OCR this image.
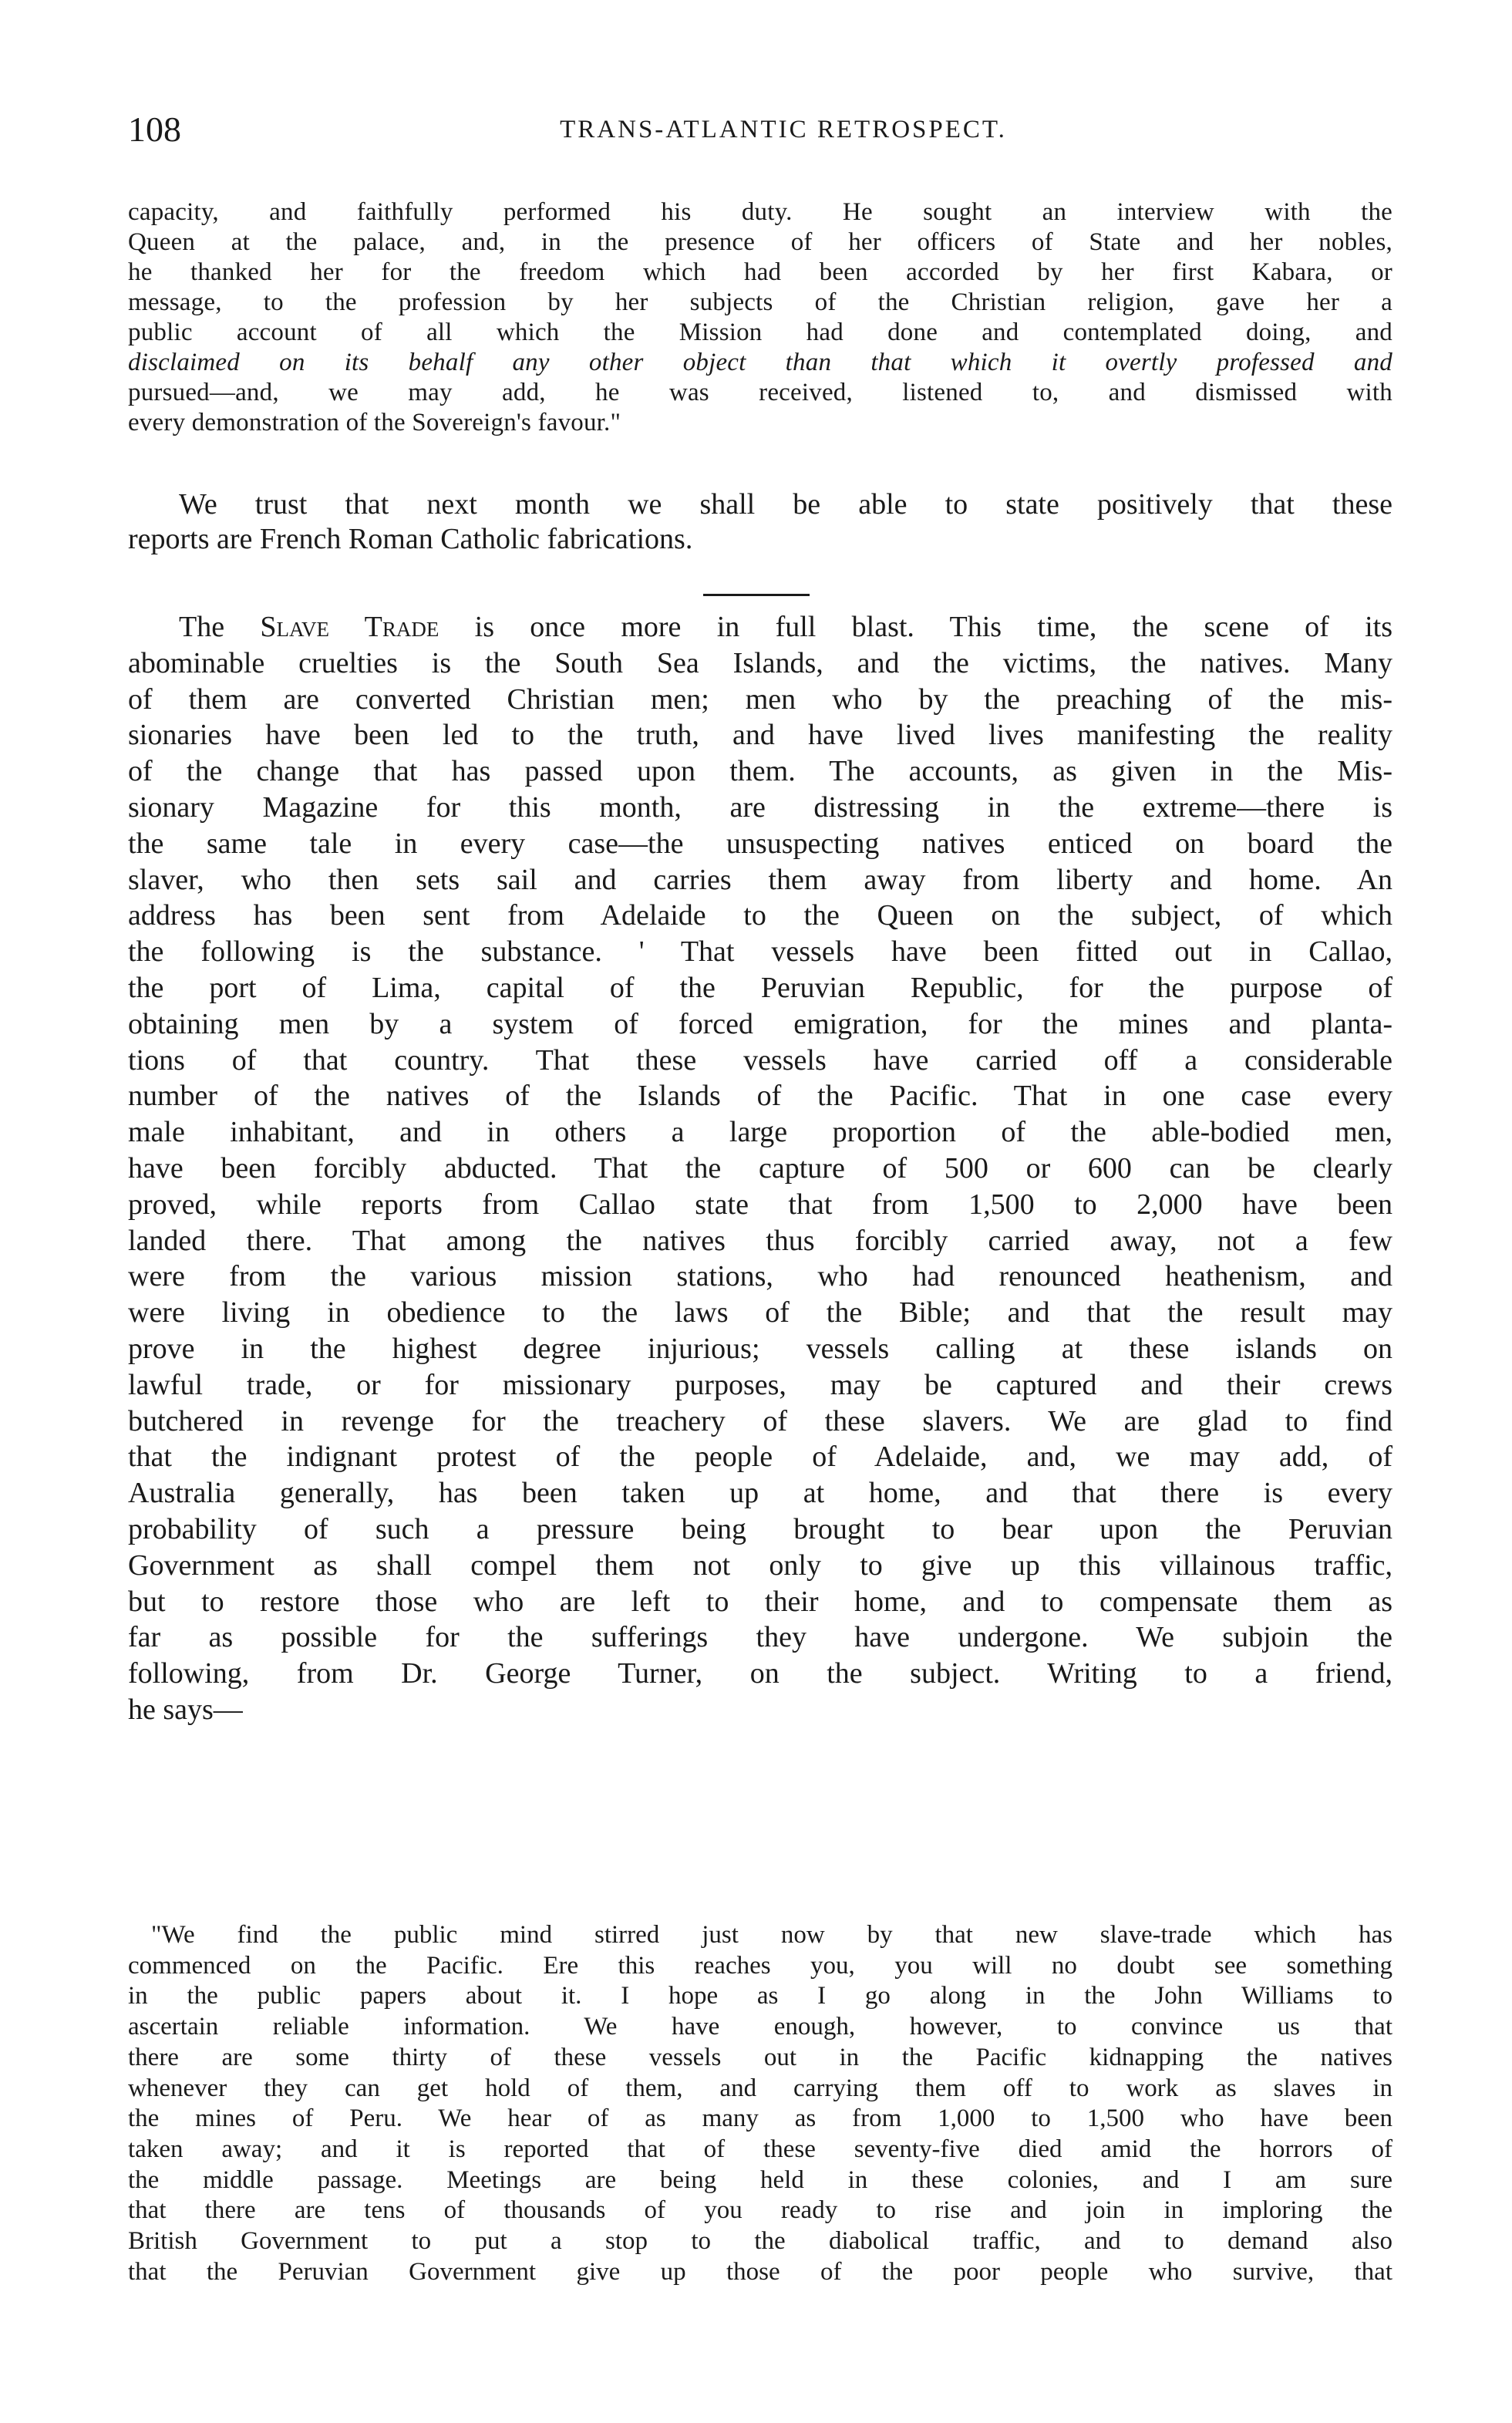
108	TRANS-ATLANTIC RETROSPECT.
capacity, and faithfully performed his duty. He sought an interview with the
Queen at the palace, and, in the presence of her officers of State and her nobles,
he thanked her for the freedom which had been accorded by her first Kabara, or
message, to the profession by her subjects of the Christian religion, gave her a
public account of all which the Mission had done and contemplated doing, and
disclaimed on its behalf any other object than that which it overtly professed and
pursued—and, we may add, he was received, listened to, and dismissed with
every demonstration of the Sovereign's favour."
We trust that next month we shall be able to state positively that these
reports are French Roman Catholic fabrications.
The Slave Trade is once more in full blast. This time, the scene of its
abominable cruelties is the South Sea Islands, and the victims, the natives. Many
of them are converted Christian men; men who by the preaching of the mis-
sionaries have been led to the truth, and have lived lives manifesting the reality
of the change that has passed upon them. The accounts, as given in the Mis-
sionary Magazine for this month, are distressing in the extreme—there is
the same tale in every case—the unsuspecting natives enticed on board the
slaver, who then sets sail and carries them away from liberty and home. An
address has been sent from Adelaide to the Queen on the subject, of which
the following is the substance. ' That vessels have been fitted out in Callao,
the port of Lima, capital of the Peruvian Republic, for the purpose of
obtaining men by a system of forced emigration, for the mines and planta-
tions of that country. That these vessels have carried off a considerable
number of the natives of the Islands of the Pacific. That in one case every
male inhabitant, and in others a large proportion of the able-bodied men,
have been forcibly abducted. That the capture of 500 or 600 can be clearly
proved, while reports from Callao state that from 1,500 to 2,000 have been
landed there. That among the natives thus forcibly carried away, not a few
were from the various mission stations, who had renounced heathenism, and
were living in obedience to the laws of the Bible; and that the result may
prove in the highest degree injurious; vessels calling at these islands on
lawful trade, or for missionary purposes, may be captured and their crews
butchered in revenge for the treachery of these slavers. We are glad to find
that the indignant protest of the people of Adelaide, and, we may add, of
Australia generally, has been taken up at home, and that there is every
probability of such a pressure being brought to bear upon the Peruvian
Government as shall compel them not only to give up this villainous traffic,
but to restore those who are left to their home, and to compensate them as
far as possible for the sufferings they have undergone. We subjoin the
following, from Dr. George Turner, on the subject. Writing to a friend,
he says—
"We find the public mind stirred just now by that new slave-trade which has
commenced on the Pacific. Ere this reaches you, you will no doubt see something
in the public papers about it. I hope as I go along in the John Williams to
ascertain reliable information. We have enough, however, to convince us that
there are some thirty of these vessels out in the Pacific kidnapping the natives
whenever they can get hold of them, and carrying them off to work as slaves in
the mines of Peru. We hear of as many as from 1,000 to 1,500 who have been
taken away; and it is reported that of these seventy-five died amid the horrors of
the middle passage. Meetings are being held in these colonies, and I am sure
that there are tens of thousands of you ready to rise and join in imploring the
British Government to put a stop to the diabolical traffic, and to demand also
that the Peruvian Government give up those of the poor people who survive, that
